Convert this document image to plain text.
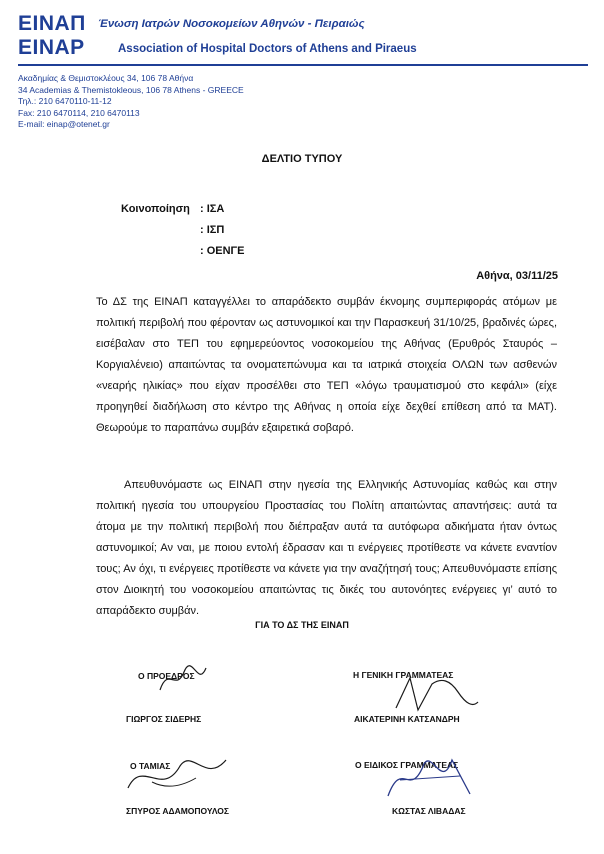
ΕΙΝΑΠ Ένωση Ιατρών Νοσοκομείων Αθηνών - Πειραιώς
EINAP	Association of Hospital Doctors of Athens and Piraeus
Ακαδημίας & Θεμιστοκλέους 34, 106 78 Αθήνα
34 Academias & Themistokleous, 106 78 Athens - GREECE
Τηλ.: 210 6470110-11-12
Fax: 210 6470114, 210 6470113
E-mail: einap@otenet.gr
ΔΕΛΤΙΟ ΤΥΠΟΥ
Κοινοποίηση : ΙΣΑ
: ΙΣΠ
: ΟΕΝΓΕ
Αθήνα, 03/11/25
Το ΔΣ της ΕΙΝΑΠ καταγγέλλει το απαράδεκτο συμβάν έκνομης συμπεριφοράς ατόμων με πολιτική περιβολή που φέρονταν ως αστυνομικοί και την Παρασκευή 31/10/25, βραδινές ώρες, εισέβαλαν στο ΤΕΠ του εφημερεύοντος νοσοκομείου της Αθήνας (Ερυθρός Σταυρός – Κοργιαλένειο) απαιτώντας τα ονοματεπώνυμα και τα ιατρικά στοιχεία ΟΛΩΝ των ασθενών «νεαρής ηλικίας» που είχαν προσέλθει στο ΤΕΠ «λόγω τραυματισμού στο κεφάλι» (είχε προηγηθεί διαδήλωση στο κέντρο της Αθήνας η οποία είχε δεχθεί επίθεση από τα ΜΑΤ). Θεωρούμε το παραπάνω συμβάν εξαιρετικά σοβαρό.
Απευθυνόμαστε ως ΕΙΝΑΠ στην ηγεσία της Ελληνικής Αστυνομίας καθώς και στην πολιτική ηγεσία του υπουργείου Προστασίας του Πολίτη απαιτώντας απαντήσεις: αυτά τα άτομα με την πολιτική περιβολή που διέπραξαν αυτά τα αυτόφωρα αδικήματα ήταν όντως αστυνομικοί; Αν ναι, με ποιου εντολή έδρασαν και τι ενέργειες προτίθεστε να κάνετε εναντίον τους; Αν όχι, τι ενέργειες προτίθεστε να κάνετε για την αναζήτησή τους; Απευθυνόμαστε επίσης στον Διοικητή του νοσοκομείου απαιτώντας τις δικές του αυτονόητες ενέργειες γι’ αυτό το απαράδεκτο συμβάν.
ΓΙΑ ΤΟ ΔΣ ΤΗΣ ΕΙΝΑΠ
Ο ΠΡΟΕΔΡΟΣ
ΓΙΩΡΓΟΣ ΣΙΔΕΡΗΣ
Η ΓΕΝΙΚΗ ΓΡΑΜΜΑΤΕΑΣ
ΑΙΚΑΤΕΡΙΝΗ ΚΑΤΣΑΝΔΡΗ
Ο ΤΑΜΙΑΣ
ΣΠΥΡΟΣ ΑΔΑΜΟΠΟΥΛΟΣ
Ο ΕΙΔΙΚΟΣ ΓΡΑΜΜΑΤΕΑΣ
ΚΩΣΤΑΣ ΛΙΒΑΔΑΣ
